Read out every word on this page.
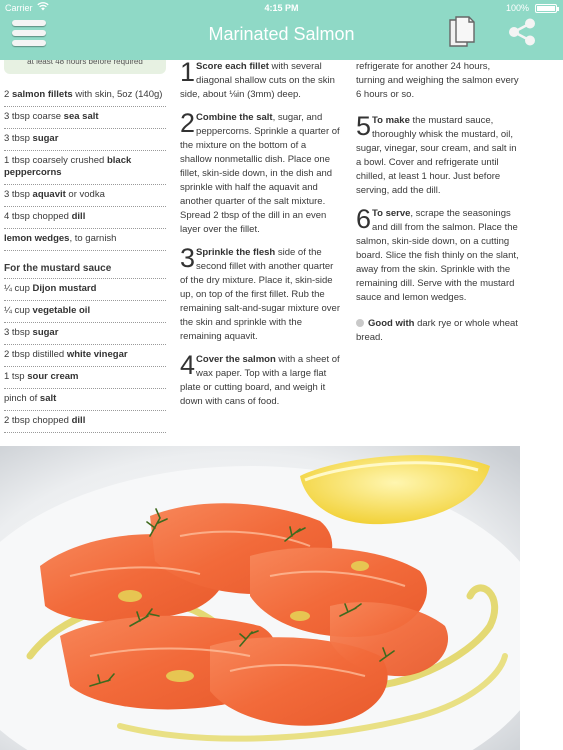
Carrier	4:15 PM	100%
Marinated Salmon
at least 48 hours before required
2 salmon fillets with skin, 5oz (140g)
3 tbsp coarse sea salt
3 tbsp sugar
1 tbsp coarsely crushed black peppercorns
3 tbsp aquavit or vodka
4 tbsp chopped dill
lemon wedges, to garnish
For the mustard sauce
¼ cup Dijon mustard
¼ cup vegetable oil
3 tbsp sugar
2 tbsp distilled white vinegar
1 tsp sour cream
pinch of salt
2 tbsp chopped dill

1 Score each fillet with several diagonal shallow cuts on the skin side, about ⅛in (3mm) deep.

2 Combine the salt, sugar, and peppercorns. Sprinkle a quarter of the mixture on the bottom of a shallow nonmetallic dish. Place one fillet, skin-side down, in the dish and sprinkle with half the aquavit and another quarter of the salt mixture. Spread 2 tbsp of the dill in an even layer over the fillet.

3 Sprinkle the flesh side of the second fillet with another quarter of the dry mixture. Place it, skin-side up, on top of the first fillet. Rub the remaining salt-and-sugar mixture over the skin and sprinkle with the remaining aquavit.

4 Cover the salmon with a sheet of wax paper. Top with a large flat plate or cutting board, and weigh it down with cans of food.

refrigerate for another 24 hours, turning and weighing the salmon every 6 hours or so.

5 To make the mustard sauce, thoroughly whisk the mustard, oil, sugar, vinegar, sour cream, and salt in a bowl. Cover and refrigerate until chilled, at least 1 hour. Just before serving, add the dill.

6 To serve, scrape the seasonings and dill from the salmon. Place the salmon, skin-side down, on a cutting board. Slice the fish thinly on the slant, away from the skin. Sprinkle with the remaining dill. Serve with the mustard sauce and lemon wedges.

Good with dark rye or whole wheat bread.
